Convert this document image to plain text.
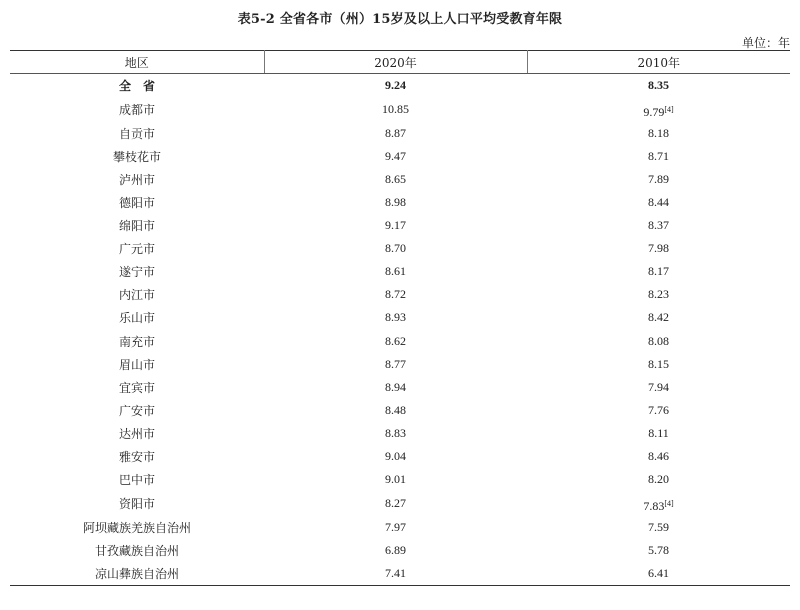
表5-2 全省各市（州）15岁及以上人口平均受教育年限
单位：年
地区	2020年	2010年
全　省	9.24	8.35
成都市	10.85	9.79[4]
自贡市	8.87	8.18
攀枝花市	9.47	8.71
泸州市	8.65	7.89
德阳市	8.98	8.44
绵阳市	9.17	8.37
广元市	8.70	7.98
遂宁市	8.61	8.17
内江市	8.72	8.23
乐山市	8.93	8.42
南充市	8.62	8.08
眉山市	8.77	8.15
宜宾市	8.94	7.94
广安市	8.48	7.76
达州市	8.83	8.11
雅安市	9.04	8.46
巴中市	9.01	8.20
资阳市	8.27	7.83[4]
阿坝藏族羌族自治州	7.97	7.59
甘孜藏族自治州	6.89	5.78
凉山彝族自治州	7.41	6.41
